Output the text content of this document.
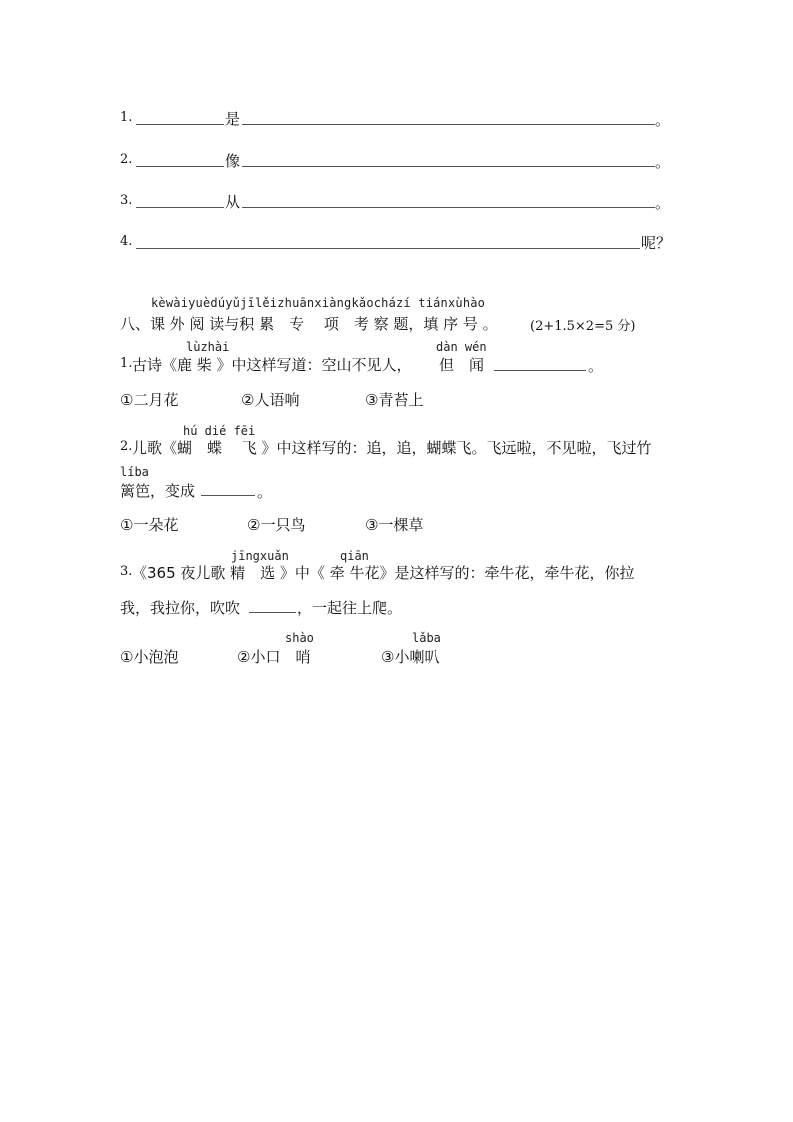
1.	是	。
2.	像	。
3.	从	。
4.	呢？
kèwàiyuèdúyǔjīlěizhuānxiàngkǎochází tiánxùhào
八、课 外 阅 读与积 累　专　 项　考 察 题，填 序 号 。 (2+1.5×2=5 分)
lùzhài	dàn wén
1. 古诗《鹿 柴 》中这样写道：空山不见人， 但　闻	。
①二月花	②人语响	③青苔上
hú dié fēi
2. 儿歌《蝴　蝶　 飞 》中这样写的：追，追，蝴蝶飞。飞远啦，不见啦，飞过竹
líba
篱笆，变成	。
①一朵花	②一只鸟	③一棵草
jīngxuǎn	qiān
3. 《365 夜儿歌 精　选 》中《 牵 牛花》是这样写的：牵牛花，牵牛花，你拉
我，我拉你，吹吹	，一起往上爬。
shào	lǎba
①小泡泡	②小口　哨	③小喇叭
